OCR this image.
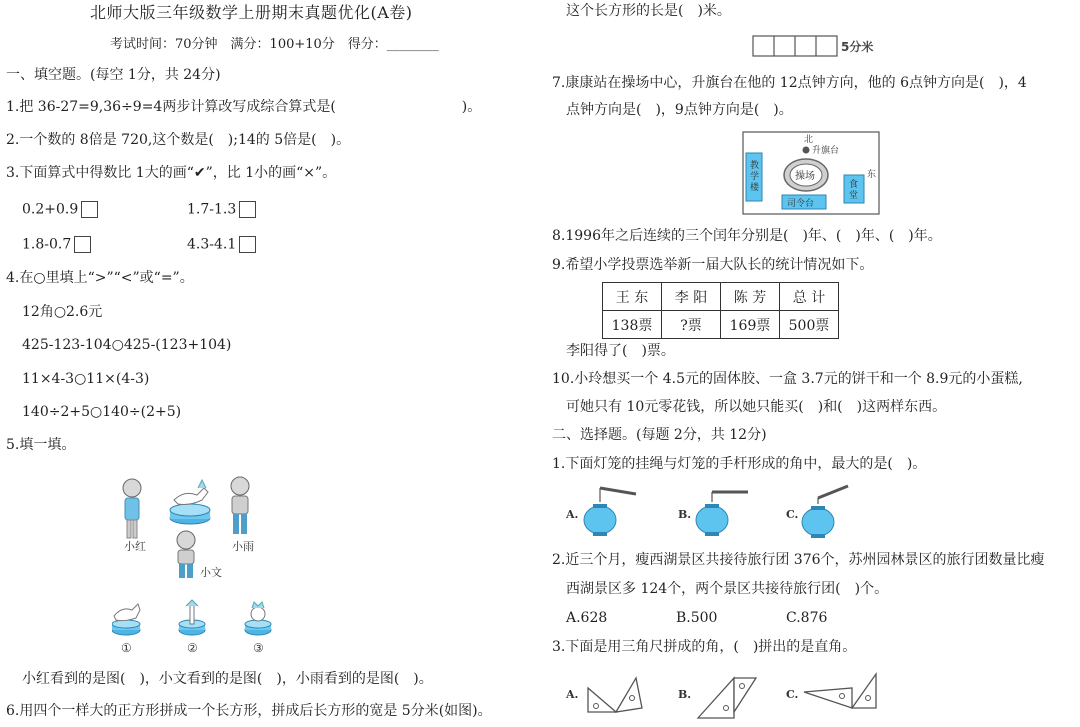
北师大版三年级数学上册期末真题优化(A卷)
考试时间：70分钟　满分：100+10分　得分：________
一、填空题。(每空 1分，共 24分)
1.把 36-27=9,36÷9=4两步计算改写成综合算式是(　　　　　　　　　)。
2.一个数的 8倍是 720,这个数是(　);14的 5倍是(　)。
3.下面算式中得数比 1大的画“✔”，比 1小的画“×”。
0.2+0.9	1.7-1.3
1.8-0.7	4.3-4.1
4.在○里填上“>”“<”或“=”。
12角○2.6元
425-123-104○425-(123+104)
11×4-3○11×(4-3)
140÷2+5○140÷(2+5)
5.填一填。
小红	小雨
小文
①	②	③
小红看到的是图(　)，小文看到的是图(　)，小雨看到的是图(　)。
6.用四个一样大的正方形拼成一个长方形，拼成后长方形的宽是 5分米(如图)。
这个长方形的长是(　)米。
5分米
7.康康站在操场中心，升旗台在他的 12点钟方向，他的 6点钟方向是(　)，4
点钟方向是(　)，9点钟方向是(　)。
北
升旗台
教学楼
操场
食堂
东
司令台
8.1996年之后连续的三个闰年分别是(　)年、(　)年、(　)年。
9.希望小学投票选举新一届大队长的统计情况如下。
王 东	李 阳	陈 芳	总 计
138票	?票	169票	500票
李阳得了(　)票。
10.小玲想买一个 4.5元的固体胶、一盒 3.7元的饼干和一个 8.9元的小蛋糕,
可她只有 10元零花钱，所以她只能买(　)和(　)这两样东西。
二、选择题。(每题 2分，共 12分)
1.下面灯笼的挂绳与灯笼的手杆形成的角中，最大的是(　)。
A.	B.	C.
2.近三个月，瘦西湖景区共接待旅行团 376个，苏州园林景区的旅行团数量比瘦
西湖景区多 124个，两个景区共接待旅行团(　)个。
A.628	B.500	C.876
3.下面是用三角尺拼成的角，(　)拼出的是直角。
A.	B.	C.
